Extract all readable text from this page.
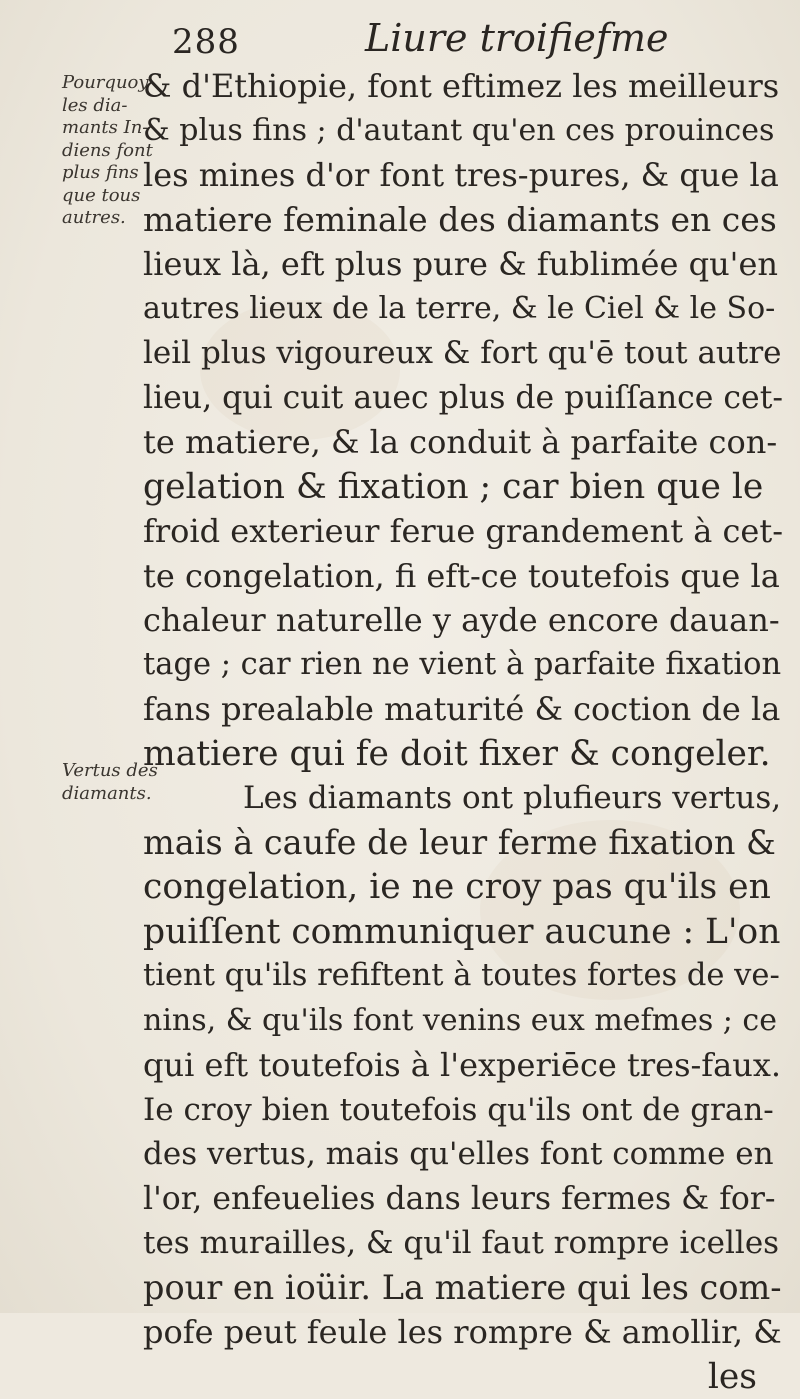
288	Liure troifiefme
Pourquoy
les dia-
mants In-
diens font
plus fins
que tous
autres.
Vertus des
diamants.
& d'Ethiopie, font eftimez les meilleurs
& plus fins ; d'autant qu'en ces prouinces
les mines d'or font tres-pures, & que la
matiere feminale des diamants en ces
lieux là, eft plus pure & fublimée qu'en
autres lieux de la terre, & le Ciel & le So-
leil plus vigoureux & fort qu'ē tout autre
lieu, qui cuit auec plus de puiſſance cet-
te matiere, & la conduit à parfaite con-
gelation & fixation ; car bien que le
froid exterieur ferue grandement à cet-
te congelation, fi eft-ce toutefois que la
chaleur naturelle y ayde encore dauan-
tage ; car rien ne vient à parfaite fixation
fans prealable maturité & coction de la
matiere qui fe doit fixer & congeler.
Les diamants ont plufieurs vertus,
mais à caufe de leur ferme fixation &
congelation, ie ne croy pas qu'ils en
puiſſent communiquer aucune : L'on
tient qu'ils refiftent à toutes fortes de ve-
nins, & qu'ils font venins eux mefmes ; ce
qui eft toutefois à l'experiēce tres-faux.
Ie croy bien toutefois qu'ils ont de gran-
des vertus, mais qu'elles font comme en
l'or, enfeuelies dans leurs fermes & for-
tes murailles, & qu'il faut rompre icelles
pour en ioüir. La matiere qui les com-
pofe peut feule les rompre & amollir, &
les
